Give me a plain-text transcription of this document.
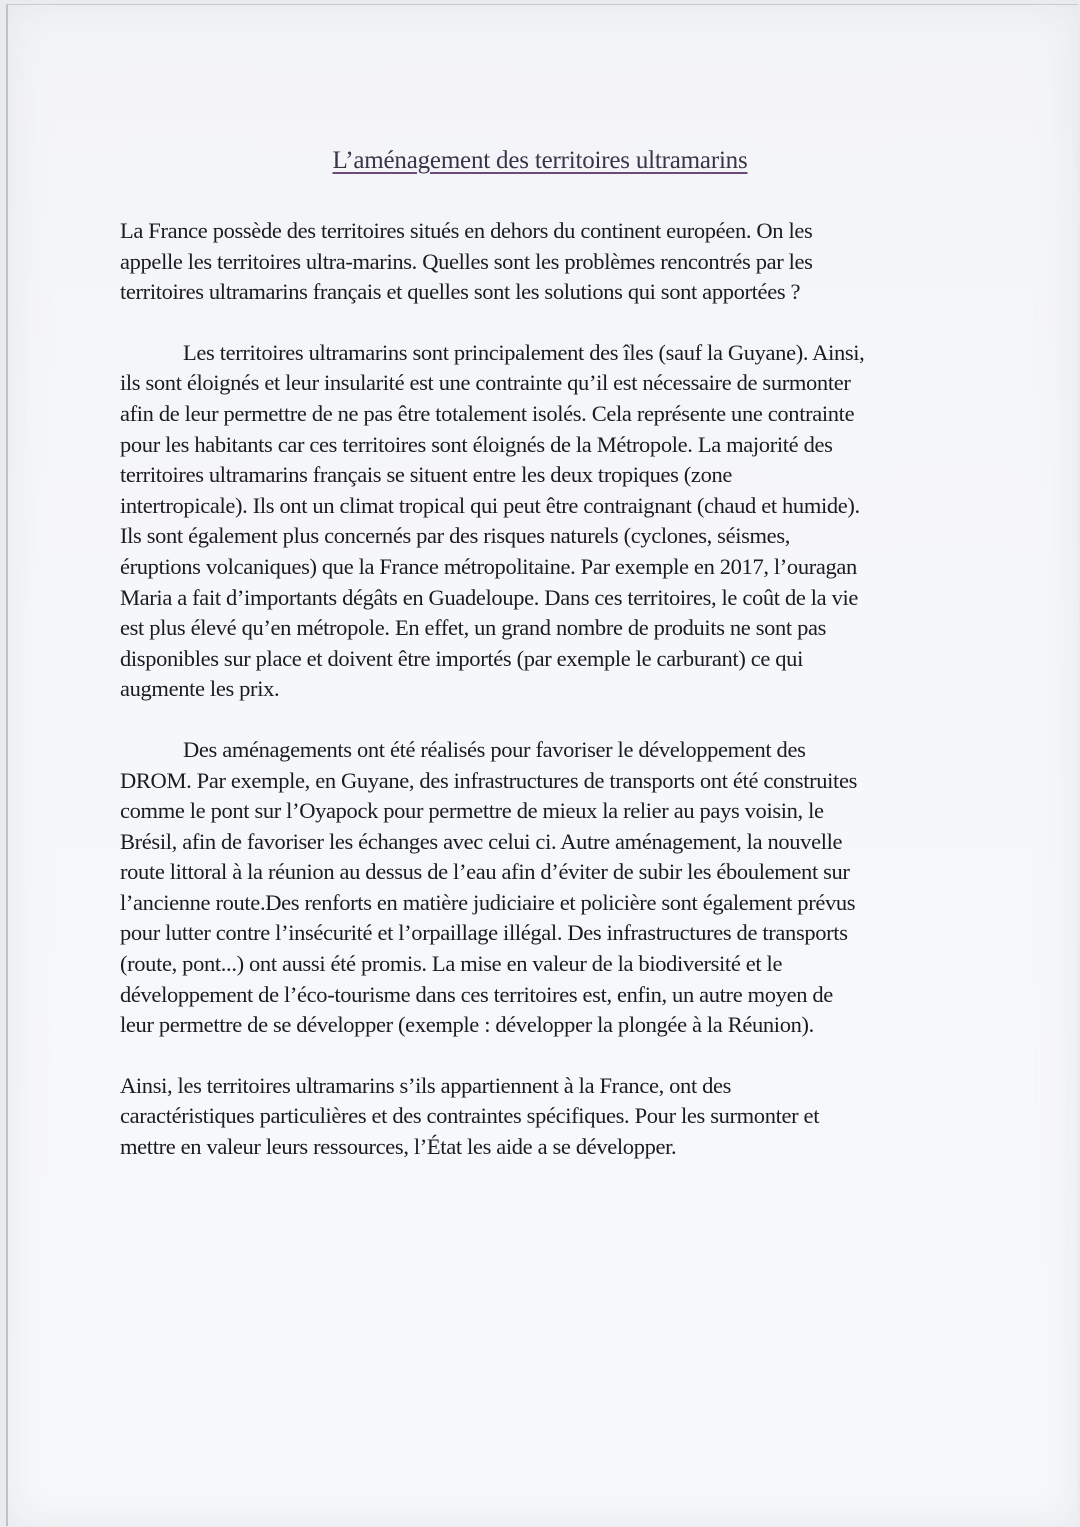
L’aménagement des territoires ultramarins

La France possède des territoires situés en dehors du continent européen. On les
appelle les territoires ultra-marins. Quelles sont les problèmes rencontrés par les
territoires ultramarins français et quelles sont les solutions qui sont apportées ?

Les territoires ultramarins sont principalement des îles (sauf la Guyane). Ainsi,
ils sont éloignés et leur insularité est une contrainte qu’il est nécessaire de surmonter
afin de leur permettre de ne pas être totalement isolés. Cela représente une contrainte
pour les habitants car ces territoires sont éloignés de la Métropole. La majorité des
territoires ultramarins français se situent entre les deux tropiques (zone
intertropicale). Ils ont un climat tropical qui peut être contraignant (chaud et humide).
Ils sont également plus concernés par des risques naturels (cyclones, séismes,
éruptions volcaniques) que la France métropolitaine. Par exemple en 2017, l’ouragan
Maria a fait d’importants dégâts en Guadeloupe. Dans ces territoires, le coût de la vie
est plus élevé qu’en métropole. En effet, un grand nombre de produits ne sont pas
disponibles sur place et doivent être importés (par exemple le carburant) ce qui
augmente les prix.

Des aménagements ont été réalisés pour favoriser le développement des
DROM. Par exemple, en Guyane, des infrastructures de transports ont été construites
comme le pont sur l’Oyapock pour permettre de mieux la relier au pays voisin, le
Brésil, afin de favoriser les échanges avec celui ci. Autre aménagement, la nouvelle
route littoral à la réunion au dessus de l’eau afin d’éviter de subir les éboulement sur
l’ancienne route.Des renforts en matière judiciaire et policière sont également prévus
pour lutter contre l’insécurité et l’orpaillage illégal. Des infrastructures de transports
(route, pont...) ont aussi été promis. La mise en valeur de la biodiversité et le
développement de l’éco-tourisme dans ces territoires est, enfin, un autre moyen de
leur permettre de se développer (exemple : développer la plongée à la Réunion).

Ainsi, les territoires ultramarins s’ils appartiennent à la France, ont des
caractéristiques particulières et des contraintes spécifiques. Pour les surmonter et
mettre en valeur leurs ressources, l’État les aide a se développer.
